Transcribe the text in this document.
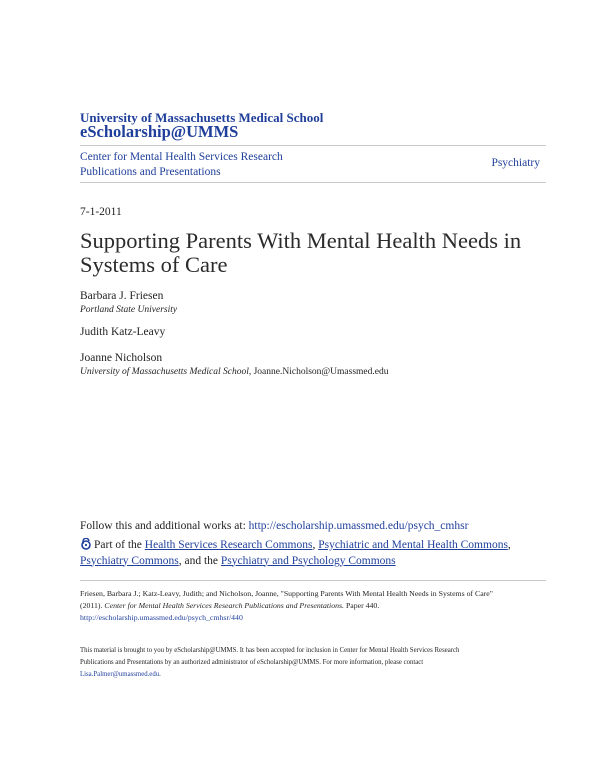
University of Massachusetts Medical School
eScholarship@UMMS
Center for Mental Health Services Research
Publications and Presentations
Psychiatry
7-1-2011
Supporting Parents With Mental Health Needs in
Systems of Care
Barbara J. Friesen
Portland State University
Judith Katz-Leavy
Joanne Nicholson
University of Massachusetts Medical School, Joanne.Nicholson@Umassmed.edu
Follow this and additional works at: http://escholarship.umassmed.edu/psych_cmhsr
Part of the Health Services Research Commons, Psychiatric and Mental Health Commons,
Psychiatry Commons, and the Psychiatry and Psychology Commons
Friesen, Barbara J.; Katz-Leavy, Judith; and Nicholson, Joanne, "Supporting Parents With Mental Health Needs in Systems of Care"
(2011). Center for Mental Health Services Research Publications and Presentations. Paper 440.
http://escholarship.umassmed.edu/psych_cmhsr/440
This material is brought to you by eScholarship@UMMS. It has been accepted for inclusion in Center for Mental Health Services Research
Publications and Presentations by an authorized administrator of eScholarship@UMMS. For more information, please contact
Lisa.Palmer@umassmed.edu.
